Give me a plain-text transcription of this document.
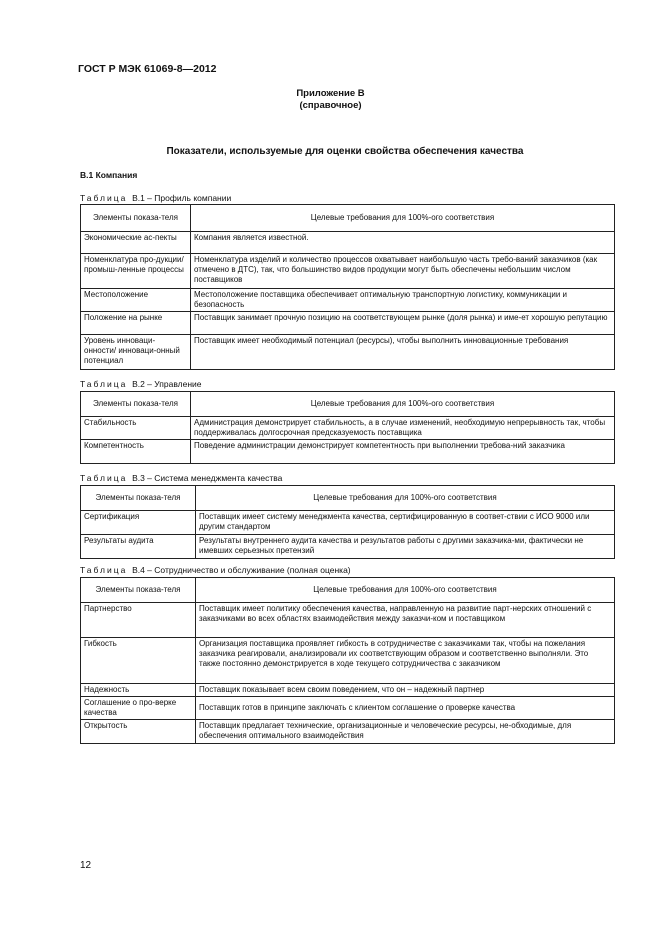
ГОСТ Р МЭК 61069-8—2012
Приложение В
(справочное)
Показатели, используемые для оценки свойства обеспечения качества
В.1 Компания
Таблица В.1 – Профиль компании
Элементы показа-теля	Целевые требования для 100%-ого соответствия
Экономические ас-пекты	Компания является известной.
Номенклатура про-дукции/ промыш-ленные процессы	Номенклатура изделий и количество процессов охватывает наибольшую часть требо-ваний заказчиков (как отмечено в ДТС), так, что большинство видов продукции могут быть обеспечены небольшим числом поставщиков
Местоположение	Местоположение поставщика обеспечивает оптимальную транспортную логистику, коммуникации и безопасность
Положение на рынке	Поставщик занимает прочную позицию на соответствующем рынке (доля рынка) и име-ет хорошую репутацию
Уровень инноваци-онности/ инноваци-онный потенциал	Поставщик имеет необходимый потенциал (ресурсы), чтобы выполнить инновационные требования
Таблица В.2 – Управление
Элементы показа-теля	Целевые требования для 100%-ого соответствия
Стабильность	Администрация демонстрирует стабильность, а в случае изменений, необходимую непрерывность так, чтобы поддерживалась долгосрочная предсказуемость поставщика
Компетентность	Поведение администрации демонстрирует компетентность при выполнении требова-ний заказчика
Таблица В.3 – Система менеджмента качества
Элементы показа-теля	Целевые требования для 100%-ого соответствия
Сертификация	Поставщик имеет систему менеджмента качества, сертифицированную в соответ-ствии с ИСО 9000 или другим стандартом
Результаты аудита	Результаты внутреннего аудита качества и результатов работы с другими заказчика-ми, фактически не имевших серьезных претензий
Таблица В.4 – Сотрудничество и обслуживание (полная оценка)
Элементы показа-теля	Целевые требования для 100%-ого соответствия
Партнерство	Поставщик имеет политику обеспечения качества, направленную на развитие парт-нерских отношений с заказчиками во всех областях взаимодействия между заказчи-ком и поставщиком
Гибкость	Организация поставщика проявляет гибкость в сотрудничестве с заказчиками так, чтобы на пожелания заказчика реагировали, анализировали их соответствующим образом и соответственно выполняли. Это также постоянно демонстрируется в ходе текущего сотрудничества с заказчиком
Надежность	Поставщик показывает всем своим поведением, что он – надежный партнер
Соглашение о про-верке качества	Поставщик готов в принципе заключать с клиентом соглашение о проверке качества
Открытость	Поставщик предлагает технические, организационные и человеческие ресурсы, не-обходимые, для обеспечения оптимального взаимодействия
12
